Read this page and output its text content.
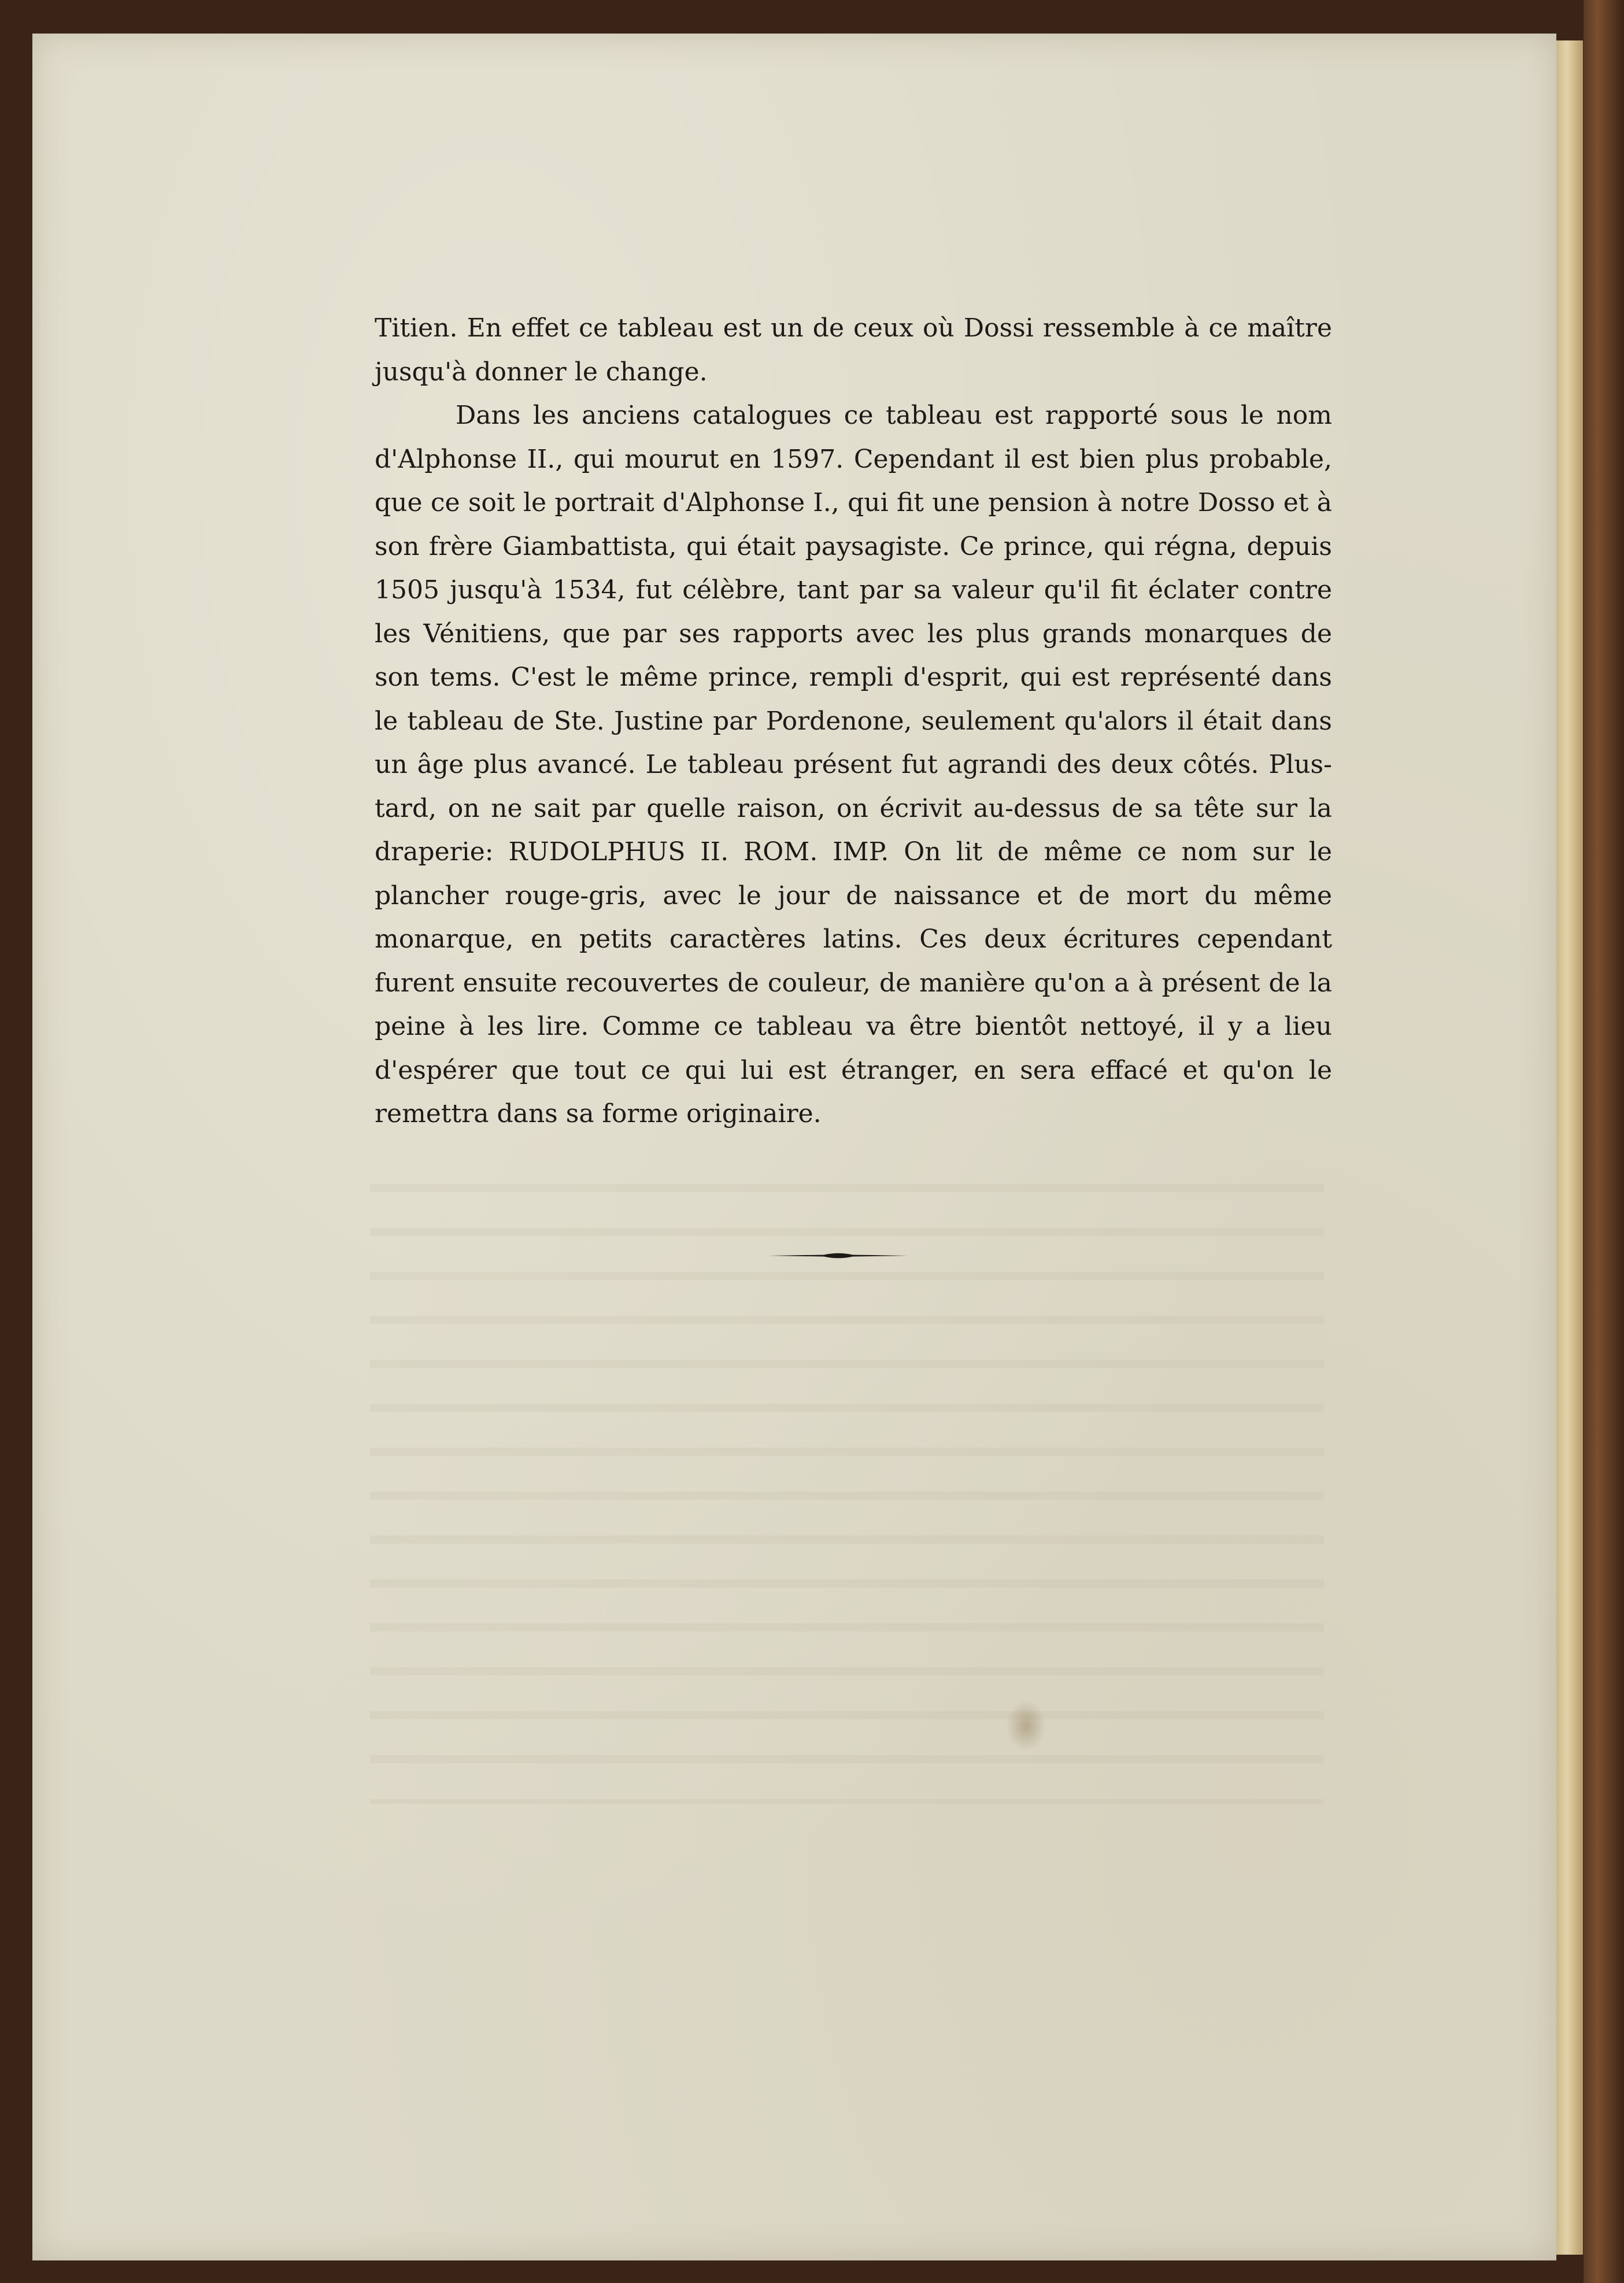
Titien. En effet ce tableau est un de ceux où Dossi ressemble à ce maître jusqu'à donner le change.

Dans les anciens catalogues ce tableau est rapporté sous le nom d'Alphonse II., qui mourut en 1597. Cependant il est bien plus probable, que ce soit le portrait d'Alphonse I., qui fit une pension à notre Dosso et à son frère Giambattista, qui était paysagiste. Ce prince, qui régna, depuis 1505 jusqu'à 1534, fut célèbre, tant par sa valeur qu'il fit éclater contre les Vénitiens, que par ses rapports avec les plus grands monarques de son tems. C'est le même prince, rempli d'esprit, qui est représenté dans le tableau de Ste. Justine par Pordenone, seulement qu'alors il était dans un âge plus avancé. Le tableau présent fut agrandi des deux côtés. Plus-tard, on ne sait par quelle raison, on écrivit au-dessus de sa tête sur la draperie: RUDOLPHUS II. ROM. IMP. On lit de même ce nom sur le plancher rouge-gris, avec le jour de naissance et de mort du même monarque, en petits caractères latins. Ces deux écritures cependant furent ensuite recouvertes de couleur, de manière qu'on a à présent de la peine à les lire. Comme ce tableau va être bientôt nettoyé, il y a lieu d'espérer que tout ce qui lui est étranger, en sera effacé et qu'on le remettra dans sa forme originaire.
